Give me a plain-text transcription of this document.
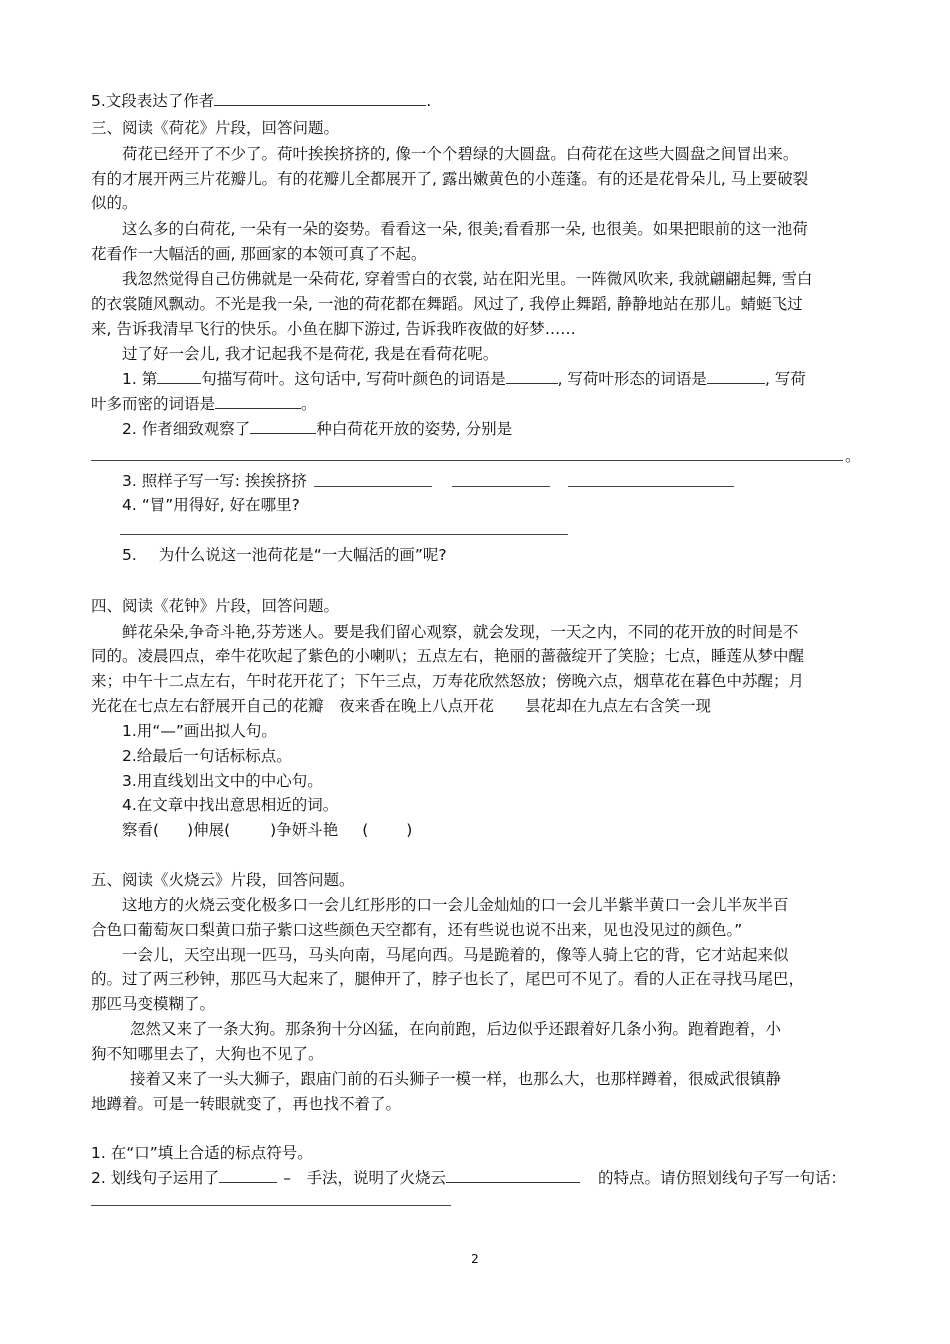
5.文段表达了作者	.
三、阅读《荷花》片段，回答问题。
荷花已经开了不少了。荷叶挨挨挤挤的, 像一个个碧绿的大圆盘。白荷花在这些大圆盘之间冒出来。
有的才展开两三片花瓣儿。有的花瓣儿全都展开了, 露出嫩黄色的小莲蓬。有的还是花骨朵儿, 马上要破裂
似的。
这么多的白荷花, 一朵有一朵的姿势。看看这一朵, 很美;看看那一朵, 也很美。如果把眼前的这一池荷
花看作一大幅活的画, 那画家的本领可真了不起。
我忽然觉得自己仿佛就是一朵荷花, 穿着雪白的衣裳, 站在阳光里。一阵微风吹来, 我就翩翩起舞, 雪白
的衣裳随风飘动。不光是我一朵, 一池的荷花都在舞蹈。风过了, 我停止舞蹈, 静静地站在那儿。蜻蜓飞过
来, 告诉我清早飞行的快乐。小鱼在脚下游过, 告诉我昨夜做的好梦……
过了好一会儿, 我才记起我不是荷花, 我是在看荷花呢。
1. 第	句描写荷叶。这句话中, 写荷叶颜色的词语是	, 写荷叶形态的词语是	, 写荷
叶多而密的词语是	。
2. 作者细致观察了	种白荷花开放的姿势, 分别是
。
3. 照样子写一写: 挨挨挤挤
4. “冒”用得好, 好在哪里?
5. 为什么说这一池荷花是“一大幅活的画”呢?
四、阅读《花钟》片段，回答问题。
鲜花朵朵,争奇斗艳,芬芳迷人。要是我们留心观察，就会发现，一天之内，不同的花开放的时间是不
同的。凌晨四点，牵牛花吹起了紫色的小喇叭；五点左右，艳丽的蔷薇绽开了笑脸；七点，睡莲从梦中醒
来；中午十二点左右，午时花开花了；下午三点，万寿花欣然怒放；傍晚六点，烟草花在暮色中苏醒；月
光花在七点左右舒展开自己的花瓣　夜来香在晚上八点开花　　昙花却在九点左右含笑一现
1.用“—”画出拟人句。
2.给最后一句话标标点。
3.用直线划出文中的中心句。
4.在文章中找出意思相近的词。
察看( )伸展(	)争妍斗艳 ( )
五、阅读《火烧云》片段，回答问题。
这地方的火烧云变化极多口一会儿红彤彤的口一会儿金灿灿的口一会儿半紫半黄口一会儿半灰半百
合色口葡萄灰口梨黄口茄子紫口这些颜色天空都有，还有些说也说不出来，见也没见过的颜色。”
一会儿，天空出现一匹马，马头向南，马尾向西。马是跪着的，像等人骑上它的背，它才站起来似
的。过了两三秒钟，那匹马大起来了，腿伸开了，脖子也长了，尾巴可不见了。看的人正在寻找马尾巴，
那匹马变模糊了。
忽然又来了一条大狗。那条狗十分凶猛，在向前跑，后边似乎还跟着好几条小狗。跑着跑着，小
狗不知哪里去了，大狗也不见了。
接着又来了一头大狮子，跟庙门前的石头狮子一模一样，也那么大，也那样蹲着，很威武很镇静
地蹲着。可是一转眼就变了，再也找不着了。
1. 在“口”填上合适的标点符号。
2. 划线句子运用了	–　手法，说明了火烧云	的特点。请仿照划线句子写一句话：
2
